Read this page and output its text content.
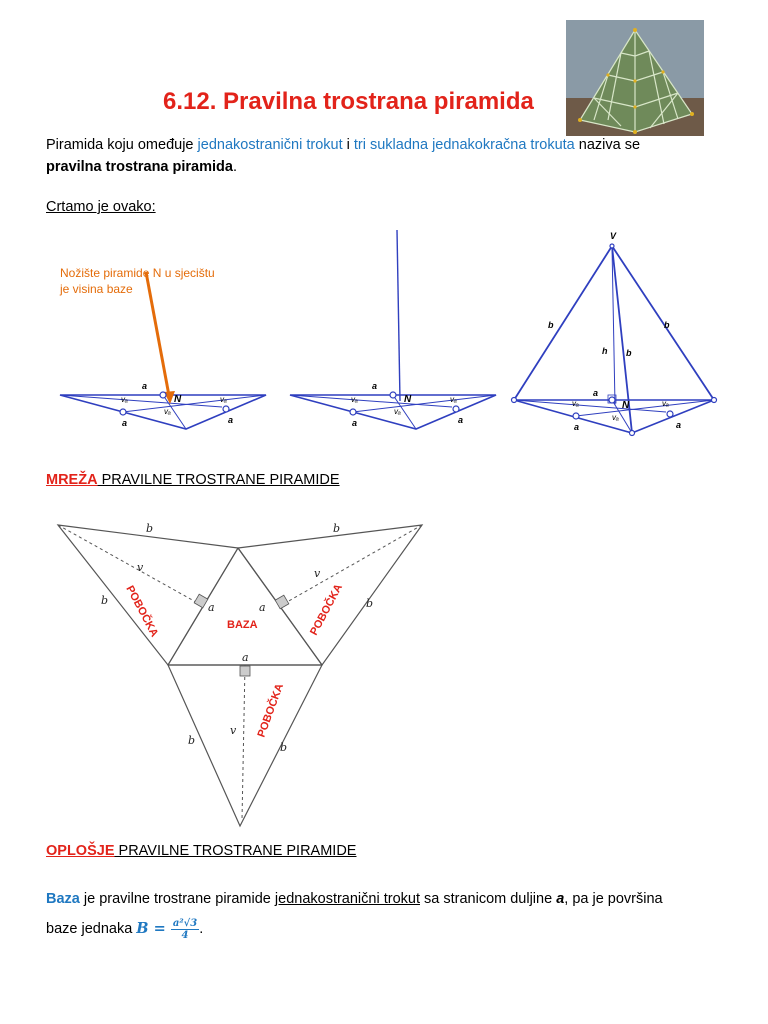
6.12. Pravilna trostrana piramida
Piramida koju omeđuje jednakostranični trokut i tri sukladna jednakokračna trokuta naziva se
pravilna trostrana piramida.
Crtamo je ovako:
Nožište piramide N u sjecištu
je visina baze
a
N
vₐ	vₐ
vₐ
a	a
a
N
vₐ	vₐ
vₐ
a	a
V
b	b
b
h
a
N
vₐ	vₐ
vₐ
a	a
MREŽA PRAVILNE TROSTRANE PIRAMIDE
BAZA
POBOČKA	POBOČKA
POBOČKA
b	b
b	b
b
b
v	v
v
a	a
a
OPLOŠJE PRAVILNE TROSTRANE PIRAMIDE
Baza je pravilne trostrane piramide jednakostranični trokut sa stranicom duljine a, pa je površina
baze jednaka $B = \frac{\text{a²√3}}{4}$ .
